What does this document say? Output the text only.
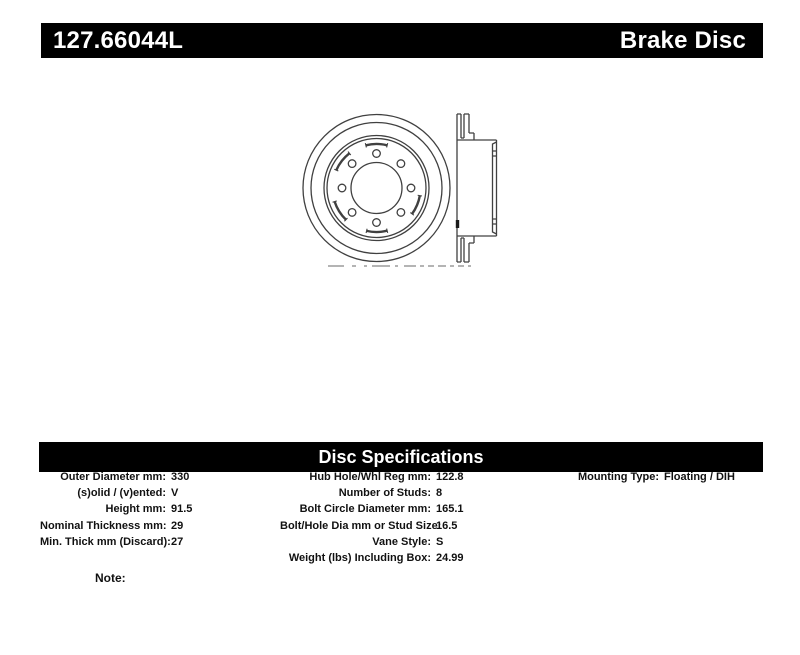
127.66044L	Brake Disc
Disc Specifications
Outer Diameter mm: 330
(s)olid / (v)ented: V
Height mm: 91.5
Nominal Thickness mm: 29
Min. Thick mm (Discard): 27
Hub Hole/Whl Reg mm: 122.8
Number of Studs: 8
Bolt Circle Diameter mm: 165.1
Bolt/Hole Dia mm or Stud Size:
16.5
Vane Style: S
Weight (lbs) Including Box: 24.99
Mounting Type: Floating / DIH
Note:
